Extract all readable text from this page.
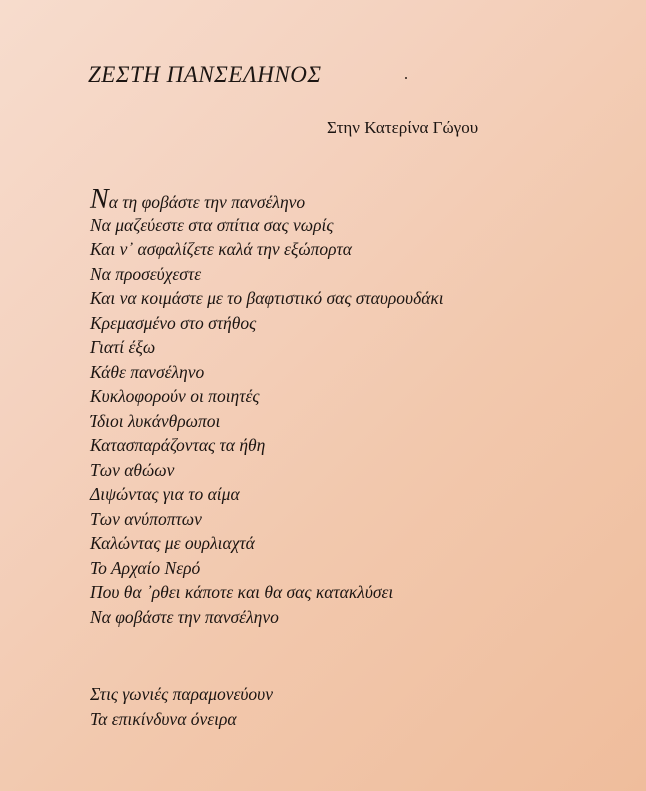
ΖΕΣΤΗ ΠΑΝΣΕΛΗΝΟΣ
Στην Κατερίνα Γώγου
Να τη φοβάστε την πανσέληνο
Να μαζεύεστε στα σπίτια σας νωρίς
Και ν᾽ ασφαλίζετε καλά την εξώπορτα
Να προσεύχεστε
Και να κοιμάστε με το βαφτιστικό σας σταυρουδάκι
Κρεμασμένο στο στήθος
Γιατί έξω
Κάθε πανσέληνο
Κυκλοφορούν οι ποιητές
Ίδιοι λυκάνθρωποι
Κατασπαράζοντας τα ήθη
Των αθώων
Διψώντας για το αίμα
Των ανύποπτων
Καλώντας με ουρλιαχτά
Το Αρχαίο Νερό
Που θα ᾽ρθει κάποτε και θα σας κατακλύσει
Να φοβάστε την πανσέληνο
Στις γωνιές παραμονεύουν
Τα επικίνδυνα όνειρα
